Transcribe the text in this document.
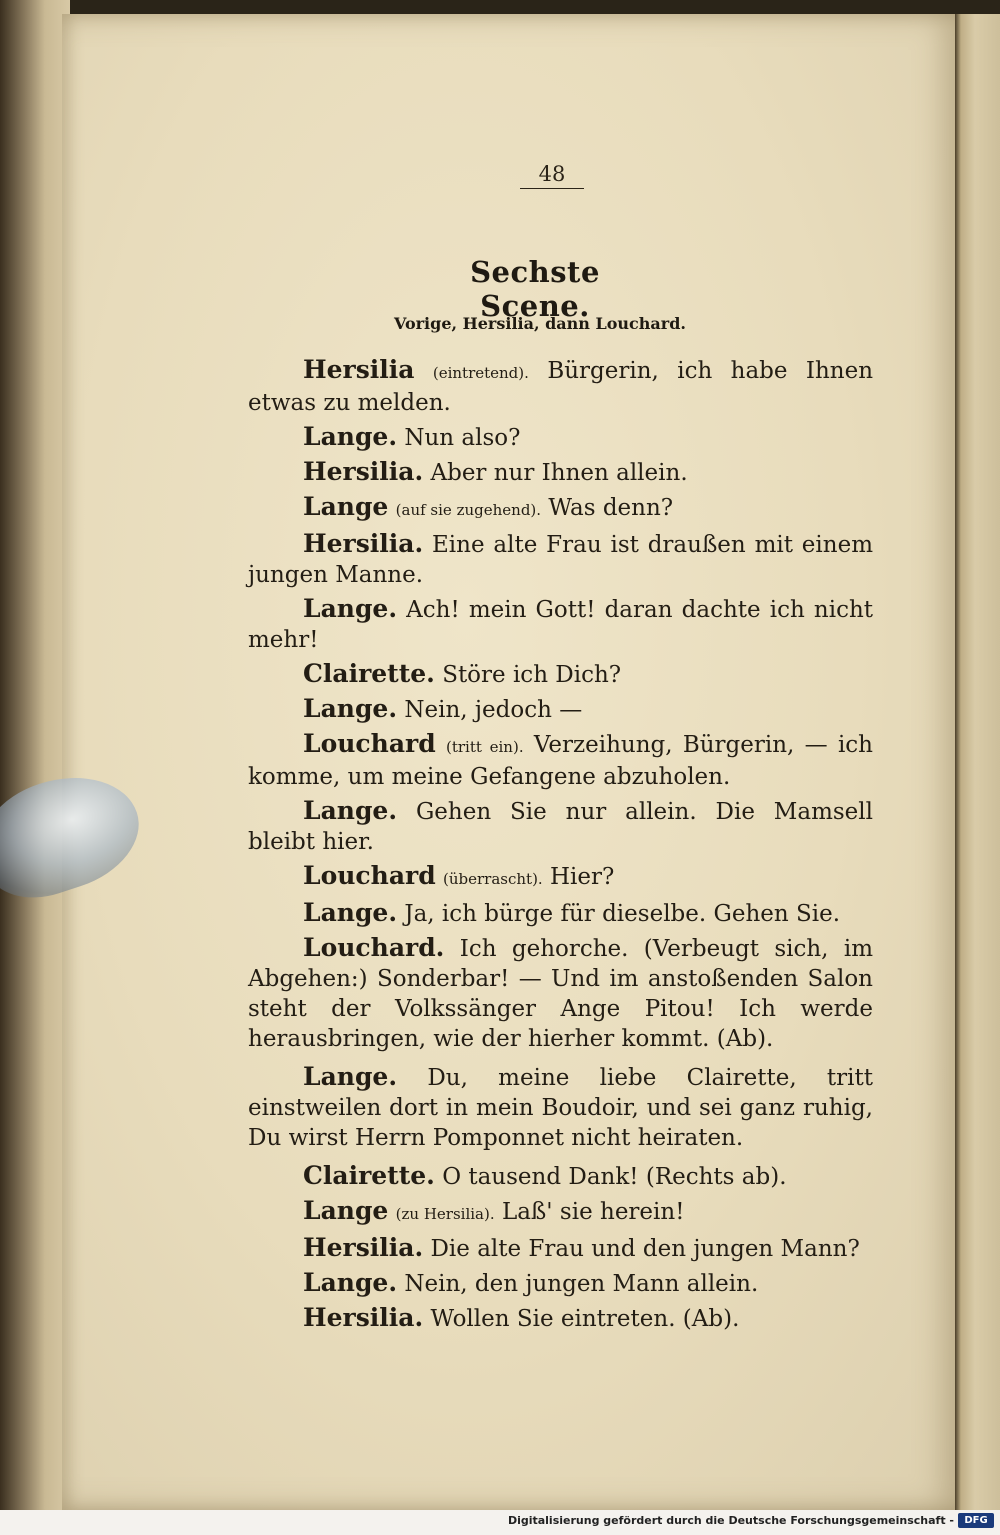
48
Sechste Scene.
Vorige, Hersilia, dann Louchard.

Hersilia (eintretend). Bürgerin, ich habe Ihnen etwas zu melden.

Lange. Nun also?

Hersilia. Aber nur Ihnen allein.

Lange (auf sie zugehend). Was denn?

Hersilia. Eine alte Frau ist draußen mit einem jungen Manne.

Lange. Ach! mein Gott! daran dachte ich nicht mehr!

Clairette. Störe ich Dich?

Lange. Nein, jedoch —

Louchard (tritt ein). Verzeihung, Bürgerin, — ich komme, um meine Gefangene abzuholen.

Lange. Gehen Sie nur allein. Die Mamsell bleibt hier.

Louchard (überrascht). Hier?

Lange. Ja, ich bürge für dieselbe. Gehen Sie.

Louchard. Ich gehorche. (Verbeugt sich, im Abgehen:) Sonderbar! — Und im anstoßenden Salon steht der Volkssänger Ange Pitou! Ich werde herausbringen, wie der hierher kommt. (Ab).

Lange. Du, meine liebe Clairette, tritt einstweilen dort in mein Boudoir, und sei ganz ruhig, Du wirst Herrn Pomponnet nicht heiraten.

Clairette. O tausend Dank! (Rechts ab).

Lange (zu Hersilia). Laß' sie herein!

Hersilia. Die alte Frau und den jungen Mann?

Lange. Nein, den jungen Mann allein.

Hersilia. Wollen Sie eintreten. (Ab).

Digitalisierung gefördert durch die Deutsche Forschungsgemeinschaft -	DFG
